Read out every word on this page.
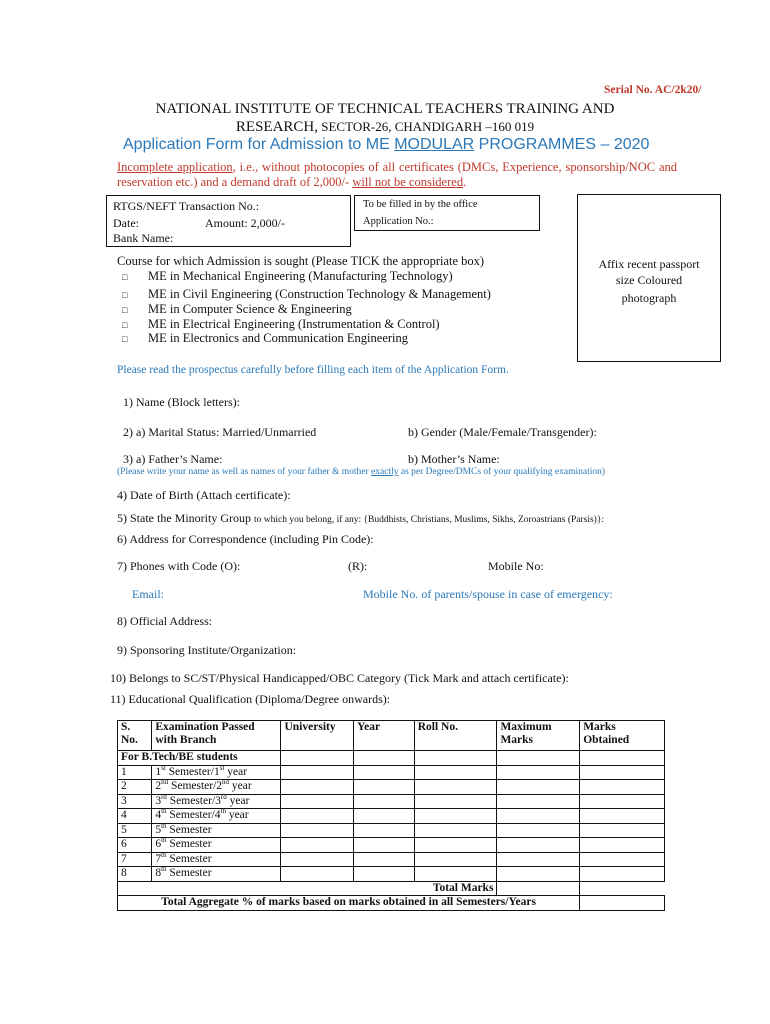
Serial No. AC/2k20/
NATIONAL INSTITUTE OF TECHNICAL TEACHERS TRAINING AND
RESEARCH, SECTOR-26, CHANDIGARH –160 019
Application Form for Admission to ME MODULAR PROGRAMMES – 2020
Incomplete application, i.e., without photocopies of all certificates (DMCs, Experience, sponsorship/NOC and reservation etc.) and a demand draft of 2,000/- will not be considered.
RTGS/NEFT Transaction No.:
Date:	Amount: 2,000/-
Bank Name:
To be filled in by the office
Application No.:
Affix recent passport
size Coloured
photograph
Course for which Admission is sought (Please TICK the appropriate box)
□ ME in Mechanical Engineering (Manufacturing Technology)
□ ME in Civil Engineering (Construction Technology & Management)
□ ME in Computer Science & Engineering
□ ME in Electrical Engineering (Instrumentation & Control)
□ ME in Electronics and Communication Engineering
Please read the prospectus carefully before filling each item of the Application Form.
1) Name (Block letters):
2) a) Marital Status: Married/Unmarried	b) Gender (Male/Female/Transgender):
3) a) Father’s Name:	b) Mother’s Name:
(Please write your name as well as names of your father & mother exactly as per Degree/DMCs of your qualifying examination)
4) Date of Birth (Attach certificate):
5) State the Minority Group to which you belong, if any: {Buddhists, Christians, Muslims, Sikhs, Zoroastrians (Parsis)}:
6) Address for Correspondence (including Pin Code):
7) Phones with Code (O):	(R):	Mobile No:
Email:	Mobile No. of parents/spouse in case of emergency:
8) Official Address:
9) Sponsoring Institute/Organization:
10) Belongs to SC/ST/Physical Handicapped/OBC Category (Tick Mark and attach certificate):
11) Educational Qualification (Diploma/Degree onwards):
S. No.	Examination Passed with Branch	University	Year	Roll No.	Maximum Marks	Marks Obtained
For B.Tech/BE students						
1	1st Semester/1st year					
2	2nd Semester/2nd year					
3	3rd Semester/3rd year					
4	4th Semester/4th year					
5	5th Semester					
6	6th Semester					
7	7th Semester					
8	8th Semester					
Total Marks						
Total Aggregate % of marks based on marks obtained in all Semesters/Years						
